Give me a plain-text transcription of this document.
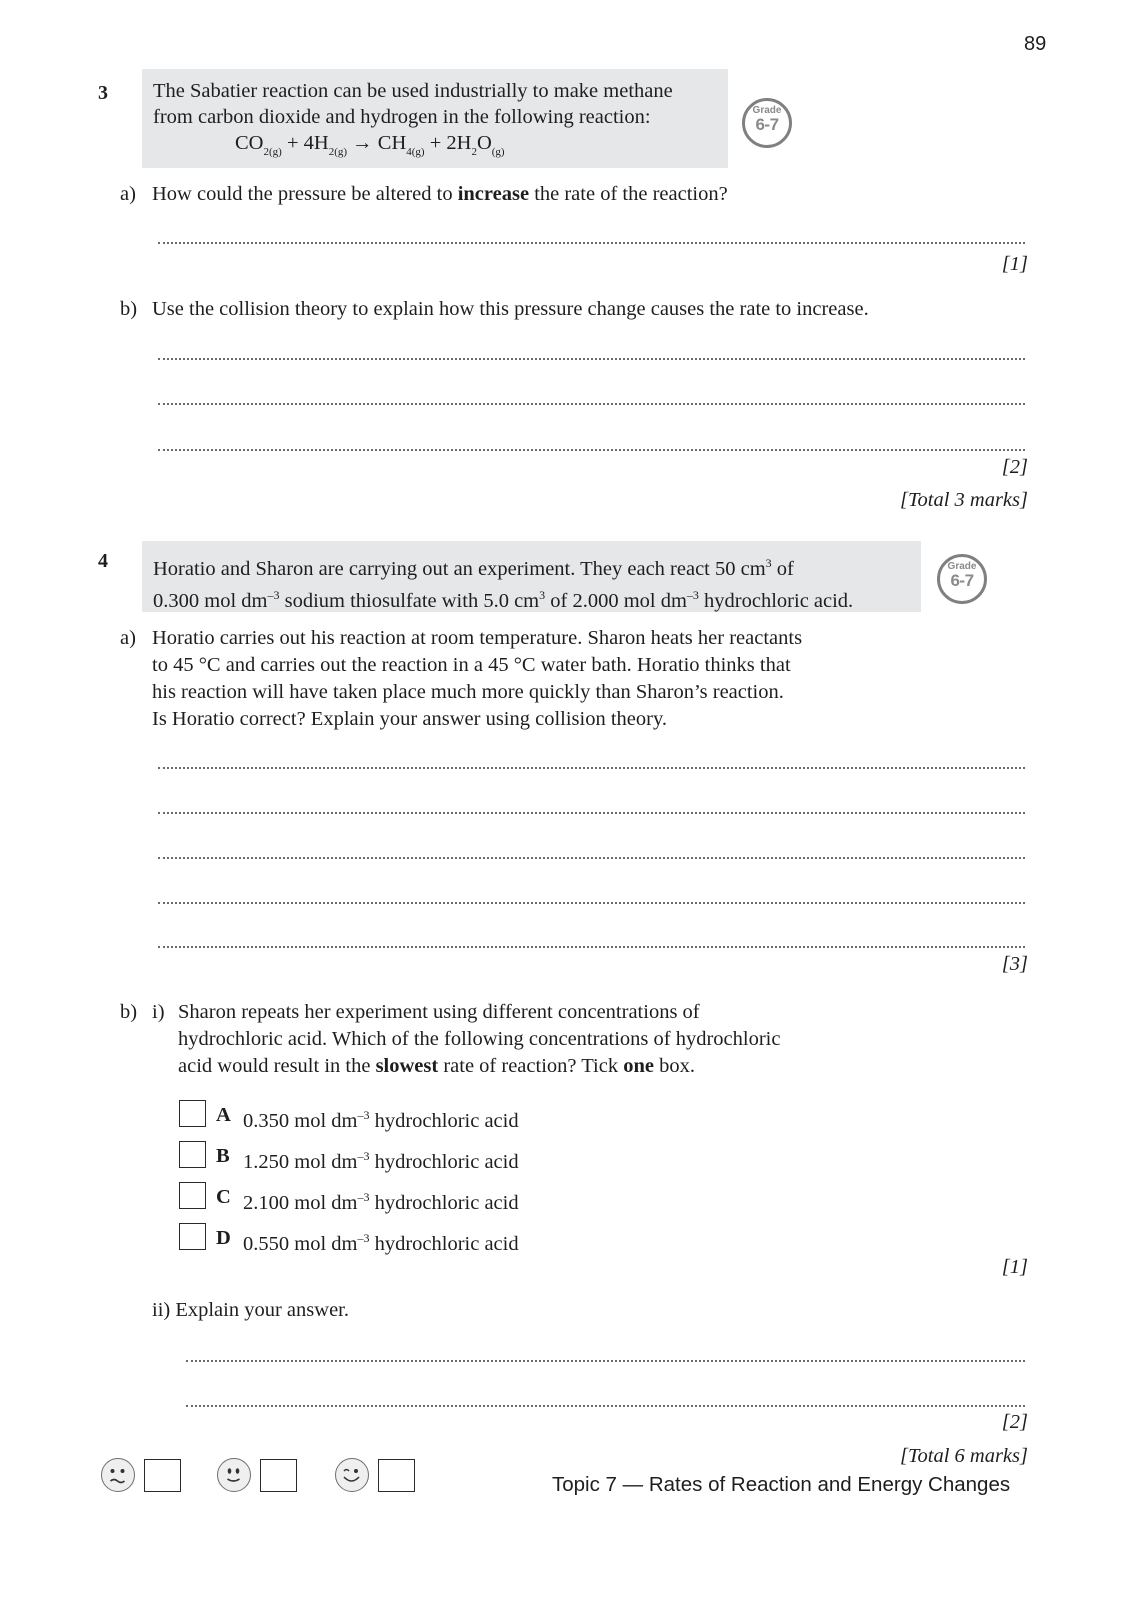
89
3 The Sabatier reaction can be used industrially to make methane
from carbon dioxide and hydrogen in the following reaction:
$CO_{2(g)} + 4H_{2(g)} \to CH_{4(g)} + 2H_2O_{(g)}$
Grade
6-7
a) How could the pressure be altered to increase the rate of the reaction?
[1]
b) Use the collision theory to explain how this pressure change causes the rate to increase.
[2]
[Total 3 marks]
4 Horatio and Sharon are carrying out an experiment. They each react 50 $cm^3$ of
0.300 mol $dm^{-3}$ sodium thiosulfate with 5.0 $cm^3$ of 2.000 mol $dm^{-3}$ hydrochloric acid.
Grade
6-7
a) Horatio carries out his reaction at room temperature. Sharon heats her reactants
to 45 °C and carries out the reaction in a 45 °C water bath. Horatio thinks that
his reaction will have taken place much more quickly than Sharon’s reaction.
Is Horatio correct? Explain your answer using collision theory.
[3]
b) i) Sharon repeats her experiment using different concentrations of
hydrochloric acid. Which of the following concentrations of hydrochloric
acid would result in the slowest rate of reaction? Tick one box.
A 0.350 mol $dm^{-3}$ hydrochloric acid
B 1.250 mol $dm^{-3}$ hydrochloric acid
C 2.100 mol $dm^{-3}$ hydrochloric acid
D 0.550 mol $dm^{-3}$ hydrochloric acid
[1]
ii) Explain your answer.
[2]
[Total 6 marks]
Topic 7 — Rates of Reaction and Energy Changes
